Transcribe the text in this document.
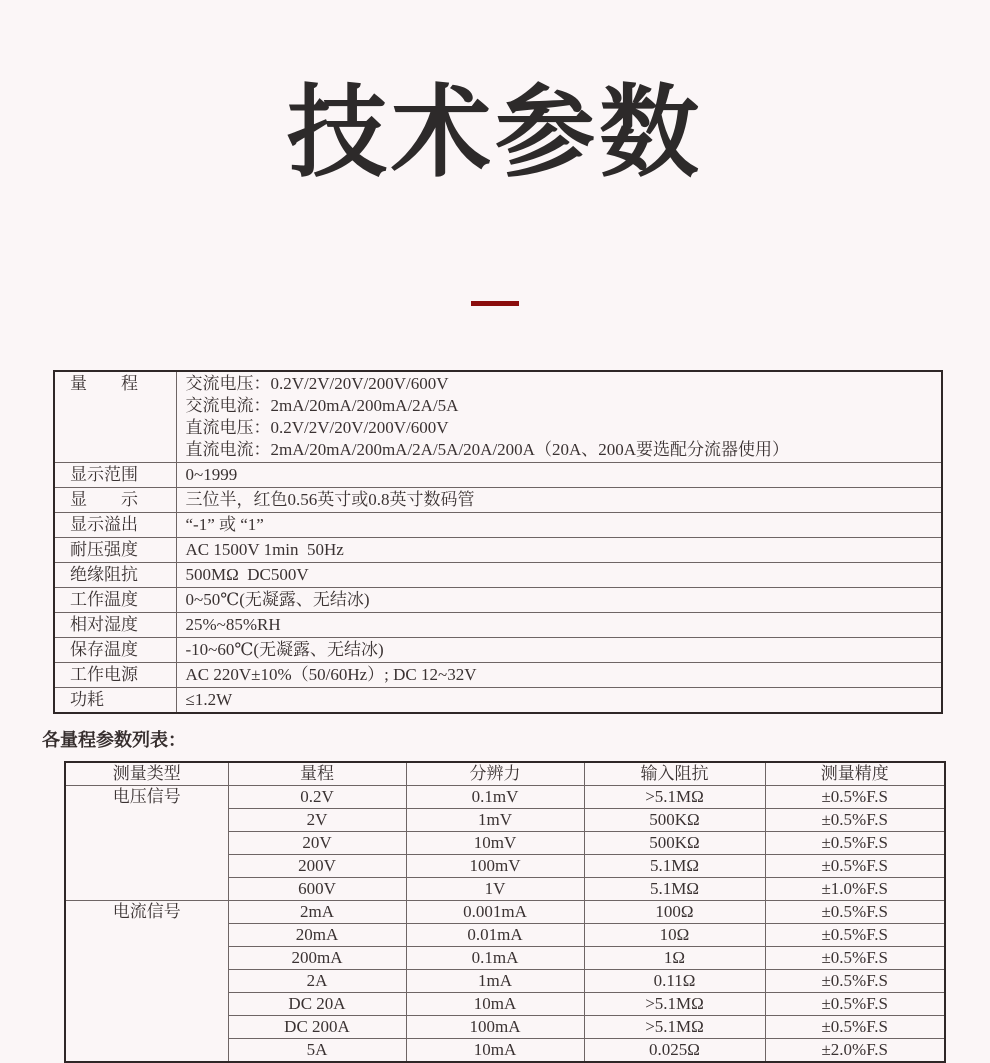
技术参数
量　　程	交流电压：0.2V/2V/20V/200V/600V
交流电流：2mA/20mA/200mA/2A/5A
直流电压：0.2V/2V/20V/200V/600V
直流电流：2mA/20mA/200mA/2A/5A/20A/200A（20A、200A要选配分流器使用）

显示范围	0~1999

显　　示	三位半，红色0.56英寸或0.8英寸数码管

显示溢出	“-1” 或 “1”

耐压强度	AC 1500V 1min  50Hz

绝缘阻抗	500MΩ  DC500V

工作温度	0~50℃(无凝露、无结冰)

相对湿度	25%~85%RH

保存温度	-10~60℃(无凝露、无结冰)

工作电源	AC 220V±10%（50/60Hz）; DC 12~32V

功耗	≤1.2W
各量程参数列表：
测量类型	量程	分辨力	输入阻抗	测量精度
电压信号	0.2V	0.1mV	>5.1MΩ	±0.5%F.S
	2V	1mV	500KΩ	±0.5%F.S
	20V	10mV	500KΩ	±0.5%F.S
	200V	100mV	5.1MΩ	±0.5%F.S
	600V	1V	5.1MΩ	±1.0%F.S
电流信号	2mA	0.001mA	100Ω	±0.5%F.S
	20mA	0.01mA	10Ω	±0.5%F.S
	200mA	0.1mA	1Ω	±0.5%F.S
	2A	1mA	0.11Ω	±0.5%F.S
	DC 20A	10mA	>5.1MΩ	±0.5%F.S
	DC 200A	100mA	>5.1MΩ	±0.5%F.S
	5A	10mA	0.025Ω	±2.0%F.S
